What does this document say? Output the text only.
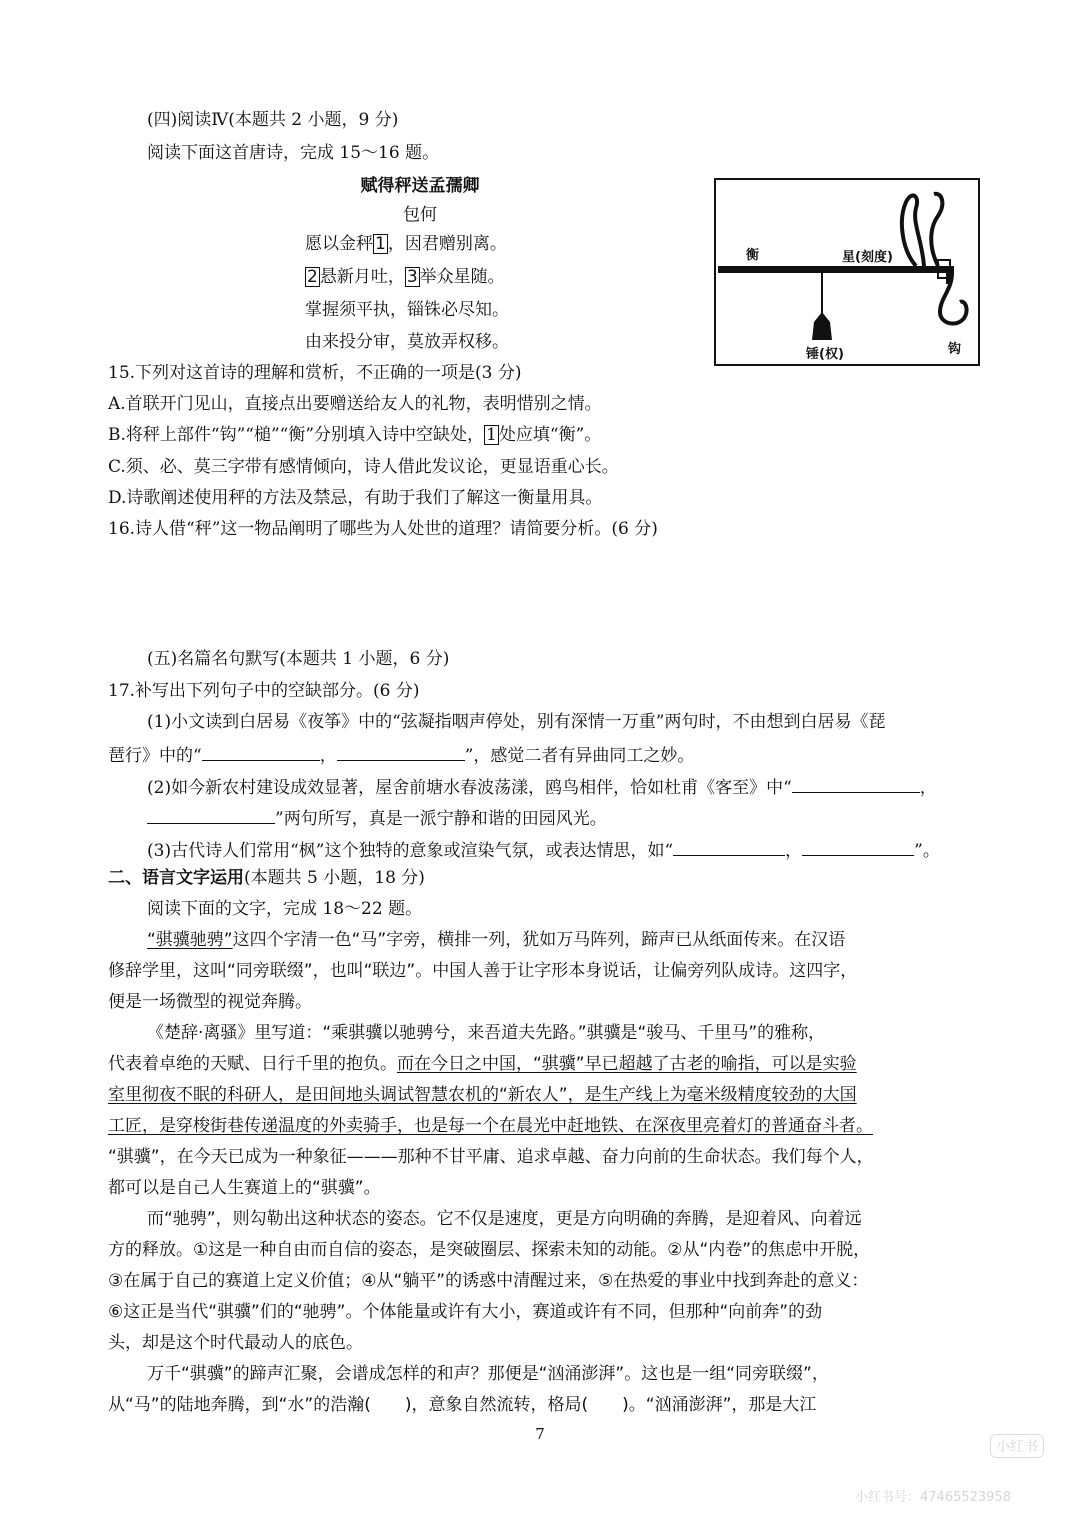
(四)阅读Ⅳ(本题共 2 小题，9 分)
阅读下面这首唐诗，完成 15～16 题。
赋得秤送孟孺卿
包何
愿以金秤 1 ，因君赠别离。
2 悬新月吐， 3 举众星随。
掌握须平执，锱铢必尽知。
由来投分审，莫放弄权移。
衡	星(刻度)
锤(权)	钩
15.下列对这首诗的理解和赏析，不正确的一项是(3 分)
A.首联开门见山，直接点出要赠送给友人的礼物，表明惜别之情。
B.将秤上部件“钩”“槌”“衡”分别填入诗中空缺处， 1 处应填“衡”。
C.须、必、莫三字带有感情倾向，诗人借此发议论，更显语重心长。
D.诗歌阐述使用秤的方法及禁忌，有助于我们了解这一衡量用具。
16.诗人借“秤”这一物品阐明了哪些为人处世的道理？请简要分析。(6 分)
(五)名篇名句默写(本题共 1 小题，6 分)
17.补写出下列句子中的空缺部分。(6 分)
(1)小文读到白居易《夜筝》中的“弦凝指咽声停处，别有深情一万重”两句时，不由想到白居易《琵
琶行》中的“	，	”，感觉二者有异曲同工之妙。
(2)如今新农村建设成效显著，屋舍前塘水春波荡漾，鸥鸟相伴，恰如杜甫《客至》中“	，
”两句所写，真是一派宁静和谐的田园风光。
(3)古代诗人们常用“枫”这个独特的意象或渲染气氛，或表达情思，如“	，	”。
二、语言文字运用(本题共 5 小题，18 分)
阅读下面的文字，完成 18～22 题。
“骐骥驰骋”这四个字清一色“马”字旁，横排一列，犹如万马阵列，蹄声已从纸面传来。在汉语
修辞学里，这叫“同旁联缀”，也叫“联边”。中国人善于让字形本身说话，让偏旁列队成诗。这四字，
便是一场微型的视觉奔腾。
《楚辞·离骚》里写道：“乘骐骥以驰骋兮，来吾道夫先路。”骐骥是“骏马、千里马”的雅称，
代表着卓绝的天赋、日行千里的抱负。而在今日之中国，“骐骥”早已超越了古老的喻指，可以是实验
室里彻夜不眠的科研人，是田间地头调试智慧农机的“新农人”，是生产线上为毫米级精度较劲的大国
工匠，是穿梭街巷传递温度的外卖骑手，也是每一个在晨光中赶地铁、在深夜里亮着灯的普通奋斗者。
“骐骥”，在今天已成为一种象征———那种不甘平庸、追求卓越、奋力向前的生命状态。我们每个人，
都可以是自己人生赛道上的“骐骥”。
而“驰骋”，则勾勒出这种状态的姿态。它不仅是速度，更是方向明确的奔腾，是迎着风、向着远
方的释放。①这是一种自由而自信的姿态，是突破圈层、探索未知的动能。②从“内卷”的焦虑中开脱，
③在属于自己的赛道上定义价值；④从“躺平”的诱惑中清醒过来，⑤在热爱的事业中找到奔赴的意义：
⑥这正是当代“骐骥”们的“驰骋”。个体能量或许有大小，赛道或许有不同，但那种“向前奔”的劲
头，却是这个时代最动人的底色。
万千“骐骥”的蹄声汇聚，会谱成怎样的和声？那便是“汹涌澎湃”。这也是一组“同旁联缀”，
从“马”的陆地奔腾，到“水”的浩瀚(　　)，意象自然流转，格局(　　)。“汹涌澎湃”，那是大江
7
小红书
小红书号：47465523958
